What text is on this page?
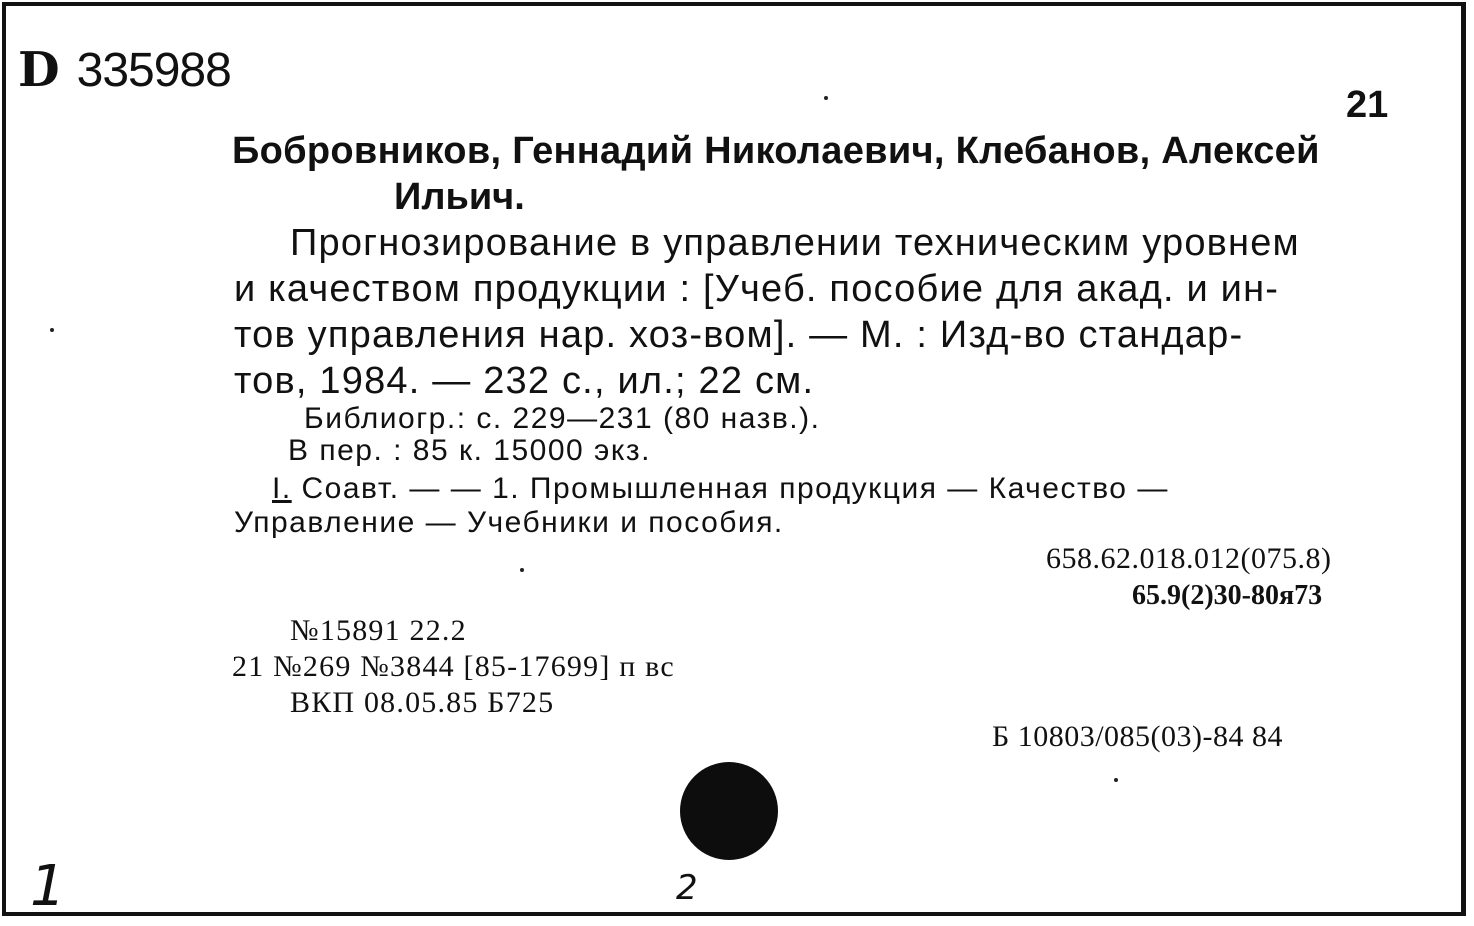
D 335988
21
Бобровников, Геннадий Николаевич, Клебанов, Алексей
Ильич.
Прогнозирование в управлении техническим уровнем
и качеством продукции : [Учеб. пособие для акад. и ин-
тов управления нар. хоз-вом]. — М. : Изд-во стандар-
тов, 1984. — 232 с., ил.; 22 см.
Библиогр.: с. 229—231 (80 назв.).
В пер. : 85 к. 15000 экз.
I. Соавт. — — 1. Промышленная продукция — Качество —
Управление — Учебники и пособия.
658.62.018.012(075.8)
65.9(2)30-80я73
№15891 22.2
21 №269 №3844 [85-17699] п вс
ВКП 08.05.85 Б725
Б 10803/085(03)-84 84
1	2
